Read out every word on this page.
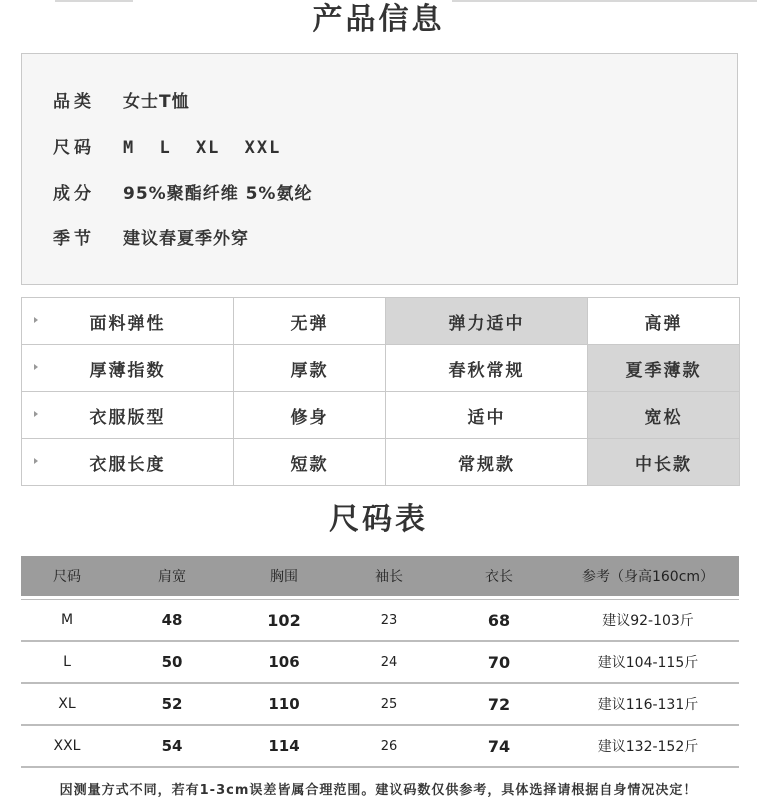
产品信息
品类 女士T恤
尺码 M L XL XXL
成分 95%聚酯纤维 5%氨纶
季节 建议春夏季外穿
面料弹性	无弹	弹力适中	高弹

厚薄指数	厚款	春秋常规	夏季薄款

衣服版型	修身	适中	宽松

衣服长度	短款	常规款	中长款
尺码表
尺码	肩宽	胸围	袖长	衣长	参考（身高160cm）

M	48	102	23	68	建议92-103斤
L	50	106	24	70	建议104-115斤
XL	52	110	25	72	建议116-131斤
XXL	54	114	26	74	建议132-152斤
因测量方式不同，若有1-3cm误差皆属合理范围。建议码数仅供参考，具体选择请根据自身情况决定！
